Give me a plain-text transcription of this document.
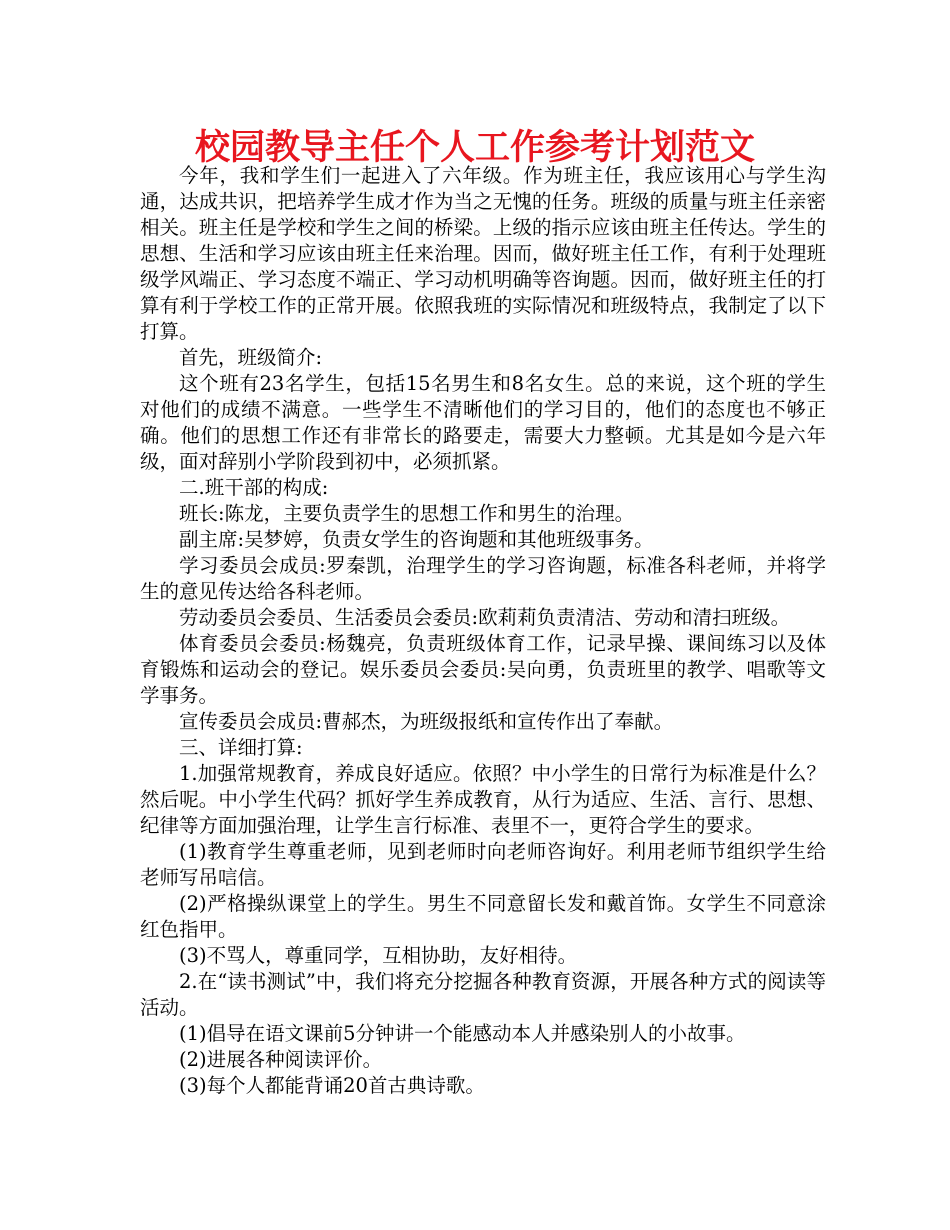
校园教导主任个人工作参考计划范文

今年，我和学生们一起进入了六年级。作为班主任，我应该用心与学生沟通，达成共识，把培养学生成才作为当之无愧的任务。班级的质量与班主任亲密相关。班主任是学校和学生之间的桥梁。上级的指示应该由班主任传达。学生的思想、生活和学习应该由班主任来治理。因而，做好班主任工作，有利于处理班级学风端正、学习态度不端正、学习动机明确等咨询题。因而，做好班主任的打算有利于学校工作的正常开展。依照我班的实际情况和班级特点，我制定了以下打算。

首先，班级简介:

这个班有23名学生，包括15名男生和8名女生。总的来说，这个班的学生对他们的成绩不满意。一些学生不清晰他们的学习目的，他们的态度也不够正确。他们的思想工作还有非常长的路要走，需要大力整顿。尤其是如今是六年级，面对辞别小学阶段到初中，必须抓紧。

二.班干部的构成:

班长:陈龙，主要负责学生的思想工作和男生的治理。

副主席:吴梦婷，负责女学生的咨询题和其他班级事务。

学习委员会成员:罗秦凯，治理学生的学习咨询题，标准各科老师，并将学生的意见传达给各科老师。

劳动委员会委员、生活委员会委员:欧莉莉负责清洁、劳动和清扫班级。

体育委员会委员:杨魏亮，负责班级体育工作，记录早操、课间练习以及体育锻炼和运动会的登记。娱乐委员会委员:吴向勇，负责班里的教学、唱歌等文学事务。

宣传委员会成员:曹郝杰，为班级报纸和宣传作出了奉献。

三、详细打算:

1.加强常规教育，养成良好适应。依照？中小学生的日常行为标准是什么？然后呢。中小学生代码？抓好学生养成教育，从行为适应、生活、言行、思想、纪律等方面加强治理，让学生言行标准、表里不一，更符合学生的要求。

(1)教育学生尊重老师，见到老师时向老师咨询好。利用老师节组织学生给老师写吊唁信。

(2)严格操纵课堂上的学生。男生不同意留长发和戴首饰。女学生不同意涂红色指甲。

(3)不骂人，尊重同学，互相协助，友好相待。

2.在“读书测试”中，我们将充分挖掘各种教育资源，开展各种方式的阅读等活动。

(1)倡导在语文课前5分钟讲一个能感动本人并感染别人的小故事。

(2)进展各种阅读评价。

(3)每个人都能背诵20首古典诗歌。
